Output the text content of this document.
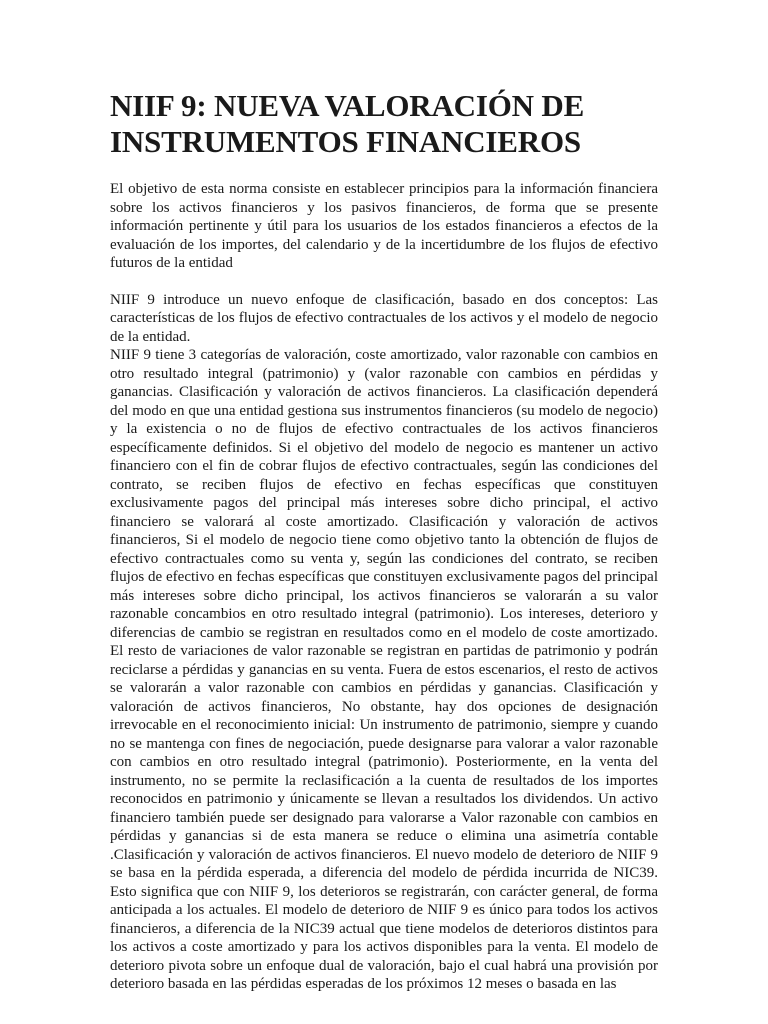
NIIF 9: NUEVA VALORACIÓN DE
INSTRUMENTOS FINANCIEROS

El objetivo de esta norma consiste en establecer principios para la información financiera sobre los activos financieros y los pasivos financieros, de forma que se presente información pertinente y útil para los usuarios de los estados financieros a efectos de la evaluación de los importes, del calendario y de la incertidumbre de los flujos de efectivo futuros de la entidad

NIIF 9 introduce un nuevo enfoque de clasificación, basado en dos conceptos: Las características de los flujos de efectivo contractuales de los activos y el modelo de negocio de la entidad.

NIIF 9 tiene 3 categorías de valoración, coste amortizado, valor razonable con cambios en otro resultado integral (patrimonio) y (valor razonable con cambios en pérdidas y ganancias. Clasificación y valoración de activos financieros. La clasificación dependerá del modo en que una entidad gestiona sus instrumentos financieros (su modelo de negocio) y la existencia o no de flujos de efectivo contractuales de los activos financieros específicamente definidos. Si el objetivo del modelo de negocio es mantener un activo financiero con el fin de cobrar flujos de efectivo contractuales, según las condiciones del contrato, se reciben flujos de efectivo en fechas específicas que constituyen exclusivamente pagos del principal más intereses sobre dicho principal, el activo financiero se valorará al coste amortizado. Clasificación y valoración de activos financieros, Si el modelo de negocio tiene como objetivo tanto la obtención de flujos de efectivo contractuales como su venta y, según las condiciones del contrato, se reciben flujos de efectivo en fechas específicas que constituyen exclusivamente pagos del principal más intereses sobre dicho principal, los activos financieros se valorarán a su valor razonable concambios en otro resultado integral (patrimonio). Los intereses, deterioro y diferencias de cambio se registran en resultados como en el modelo de coste amortizado. El resto de variaciones de valor razonable se registran en partidas de patrimonio y podrán reciclarse a pérdidas y ganancias en su venta. Fuera de estos escenarios, el resto de activos se valorarán a valor razonable con cambios en pérdidas y ganancias. Clasificación y valoración de activos financieros, No obstante, hay dos opciones de designación irrevocable en el reconocimiento inicial: Un instrumento de patrimonio, siempre y cuando no se mantenga con fines de negociación, puede designarse para valorar a valor razonable con cambios en otro resultado integral (patrimonio). Posteriormente, en la venta del instrumento, no se permite la reclasificación a la cuenta de resultados de los importes reconocidos en patrimonio y únicamente se llevan a resultados los dividendos. Un activo financiero también puede ser designado para valorarse a Valor razonable con cambios en pérdidas y ganancias si de esta manera se reduce o elimina una asimetría contable .Clasificación y valoración de activos financieros. El nuevo modelo de deterioro de NIIF 9 se basa en la pérdida esperada, a diferencia del modelo de pérdida incurrida de NIC39. Esto significa que con NIIF 9, los deterioros se registrarán, con carácter general, de forma anticipada a los actuales. El modelo de deterioro de NIIF 9 es único para todos los activos financieros, a diferencia de la NIC39 actual que tiene modelos de deterioros distintos para los activos a coste amortizado y para los activos disponibles para la venta. El modelo de deterioro pivota sobre un enfoque dual de valoración, bajo el cual habrá una provisión por deterioro basada en las pérdidas esperadas de los próximos 12 meses o basada en las
